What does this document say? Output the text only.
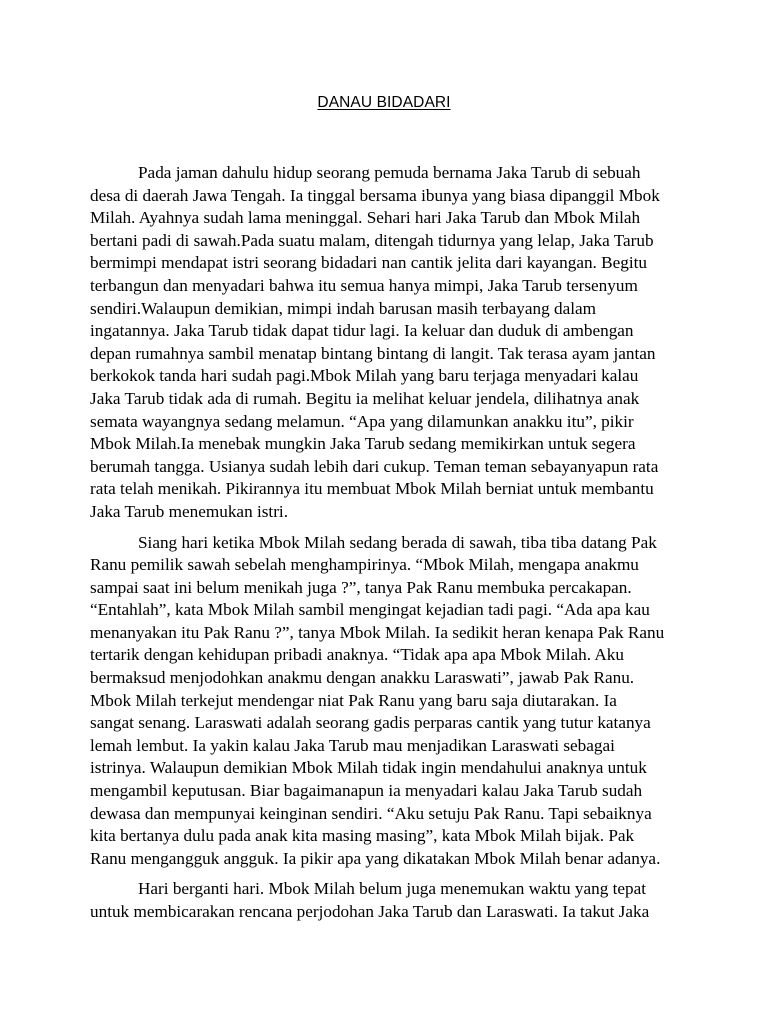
DANAU BIDADARI

Pada jaman dahulu hidup seorang pemuda bernama Jaka Tarub di sebuah
desa di daerah Jawa Tengah. Ia tinggal bersama ibunya yang biasa dipanggil Mbok
Milah. Ayahnya sudah lama meninggal. Sehari hari Jaka Tarub dan Mbok Milah
bertani padi di sawah.Pada suatu malam, ditengah tidurnya yang lelap, Jaka Tarub
bermimpi mendapat istri seorang bidadari nan cantik jelita dari kayangan. Begitu
terbangun dan menyadari bahwa itu semua hanya mimpi, Jaka Tarub tersenyum
sendiri.Walaupun demikian, mimpi indah barusan masih terbayang dalam
ingatannya. Jaka Tarub tidak dapat tidur lagi. Ia keluar dan duduk di ambengan
depan rumahnya sambil menatap bintang bintang di langit. Tak terasa ayam jantan
berkokok tanda hari sudah pagi.Mbok Milah yang baru terjaga menyadari kalau
Jaka Tarub tidak ada di rumah. Begitu ia melihat keluar jendela, dilihatnya anak
semata wayangnya sedang melamun. “Apa yang dilamunkan anakku itu”, pikir
Mbok Milah.Ia menebak mungkin Jaka Tarub sedang memikirkan untuk segera
berumah tangga. Usianya sudah lebih dari cukup. Teman teman sebayanyapun rata
rata telah menikah. Pikirannya itu membuat Mbok Milah berniat untuk membantu
Jaka Tarub menemukan istri.

Siang hari ketika Mbok Milah sedang berada di sawah, tiba tiba datang Pak
Ranu pemilik sawah sebelah menghampirinya. “Mbok Milah, mengapa anakmu
sampai saat ini belum menikah juga ?”, tanya Pak Ranu membuka percakapan.
“Entahlah”, kata Mbok Milah sambil mengingat kejadian tadi pagi. “Ada apa kau
menanyakan itu Pak Ranu ?”, tanya Mbok Milah. Ia sedikit heran kenapa Pak Ranu
tertarik dengan kehidupan pribadi anaknya. “Tidak apa apa Mbok Milah. Aku
bermaksud menjodohkan anakmu dengan anakku Laraswati”, jawab Pak Ranu.
Mbok Milah terkejut mendengar niat Pak Ranu yang baru saja diutarakan. Ia
sangat senang. Laraswati adalah seorang gadis perparas cantik yang tutur katanya
lemah lembut. Ia yakin kalau Jaka Tarub mau menjadikan Laraswati sebagai
istrinya. Walaupun demikian Mbok Milah tidak ingin mendahului anaknya untuk
mengambil keputusan. Biar bagaimanapun ia menyadari kalau Jaka Tarub sudah
dewasa dan mempunyai keinginan sendiri. “Aku setuju Pak Ranu. Tapi sebaiknya
kita bertanya dulu pada anak kita masing masing”, kata Mbok Milah bijak. Pak
Ranu mengangguk angguk. Ia pikir apa yang dikatakan Mbok Milah benar adanya.

Hari berganti hari. Mbok Milah belum juga menemukan waktu yang tepat
untuk membicarakan rencana perjodohan Jaka Tarub dan Laraswati. Ia takut Jaka
